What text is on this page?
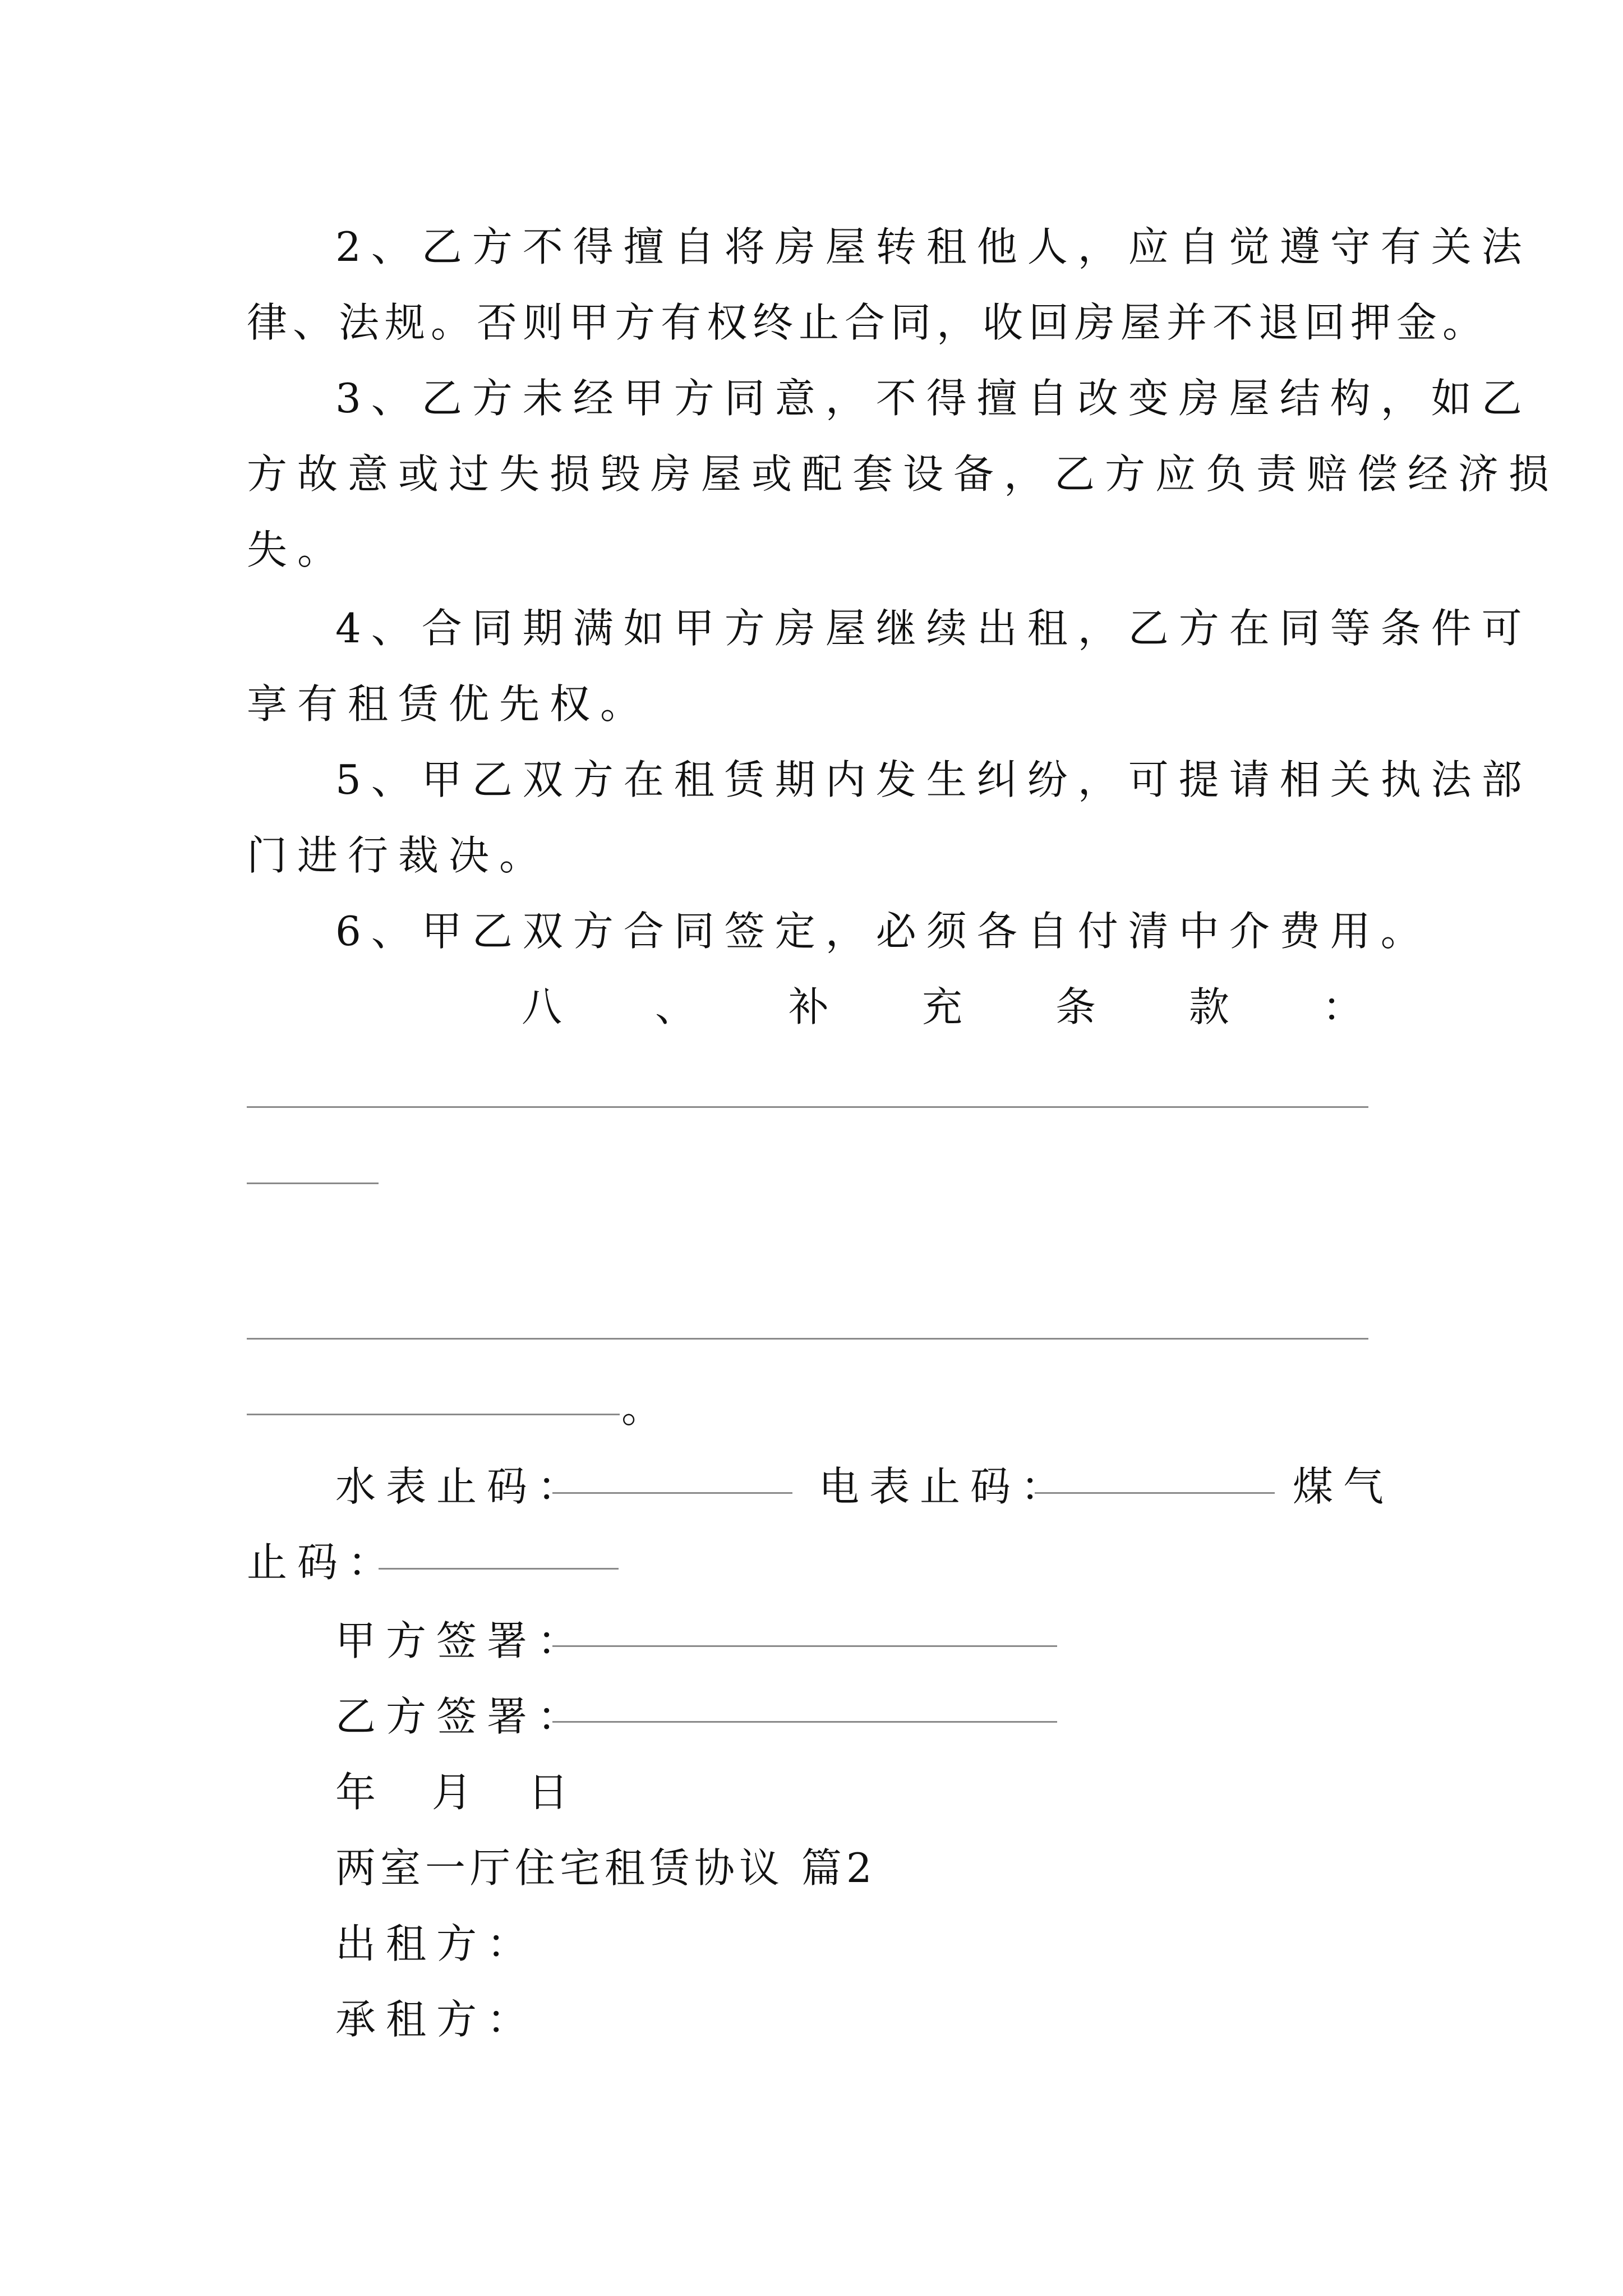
2、乙方不得擅自将房屋转租他人，应自觉遵守有关法
律、法规。否则甲方有权终止合同，收回房屋并不退回押金。
3、乙方未经甲方同意，不得擅自改变房屋结构，如乙
方故意或过失损毁房屋或配套设备，乙方应负责赔偿经济损
失。
4、合同期满如甲方房屋继续出租，乙方在同等条件可
享有租赁优先权。
5、甲乙双方在租赁期内发生纠纷，可提请相关执法部
门进行裁决。
6、甲乙双方合同签定，必须各自付清中介费用。
八 、 补 充 条 款 ：
。
水表止码：	电表止码：	煤气
止码：
甲方签署：
乙方签署：
年  月  日
两室一厅住宅租赁协议 篇2
出租方：
承租方：
